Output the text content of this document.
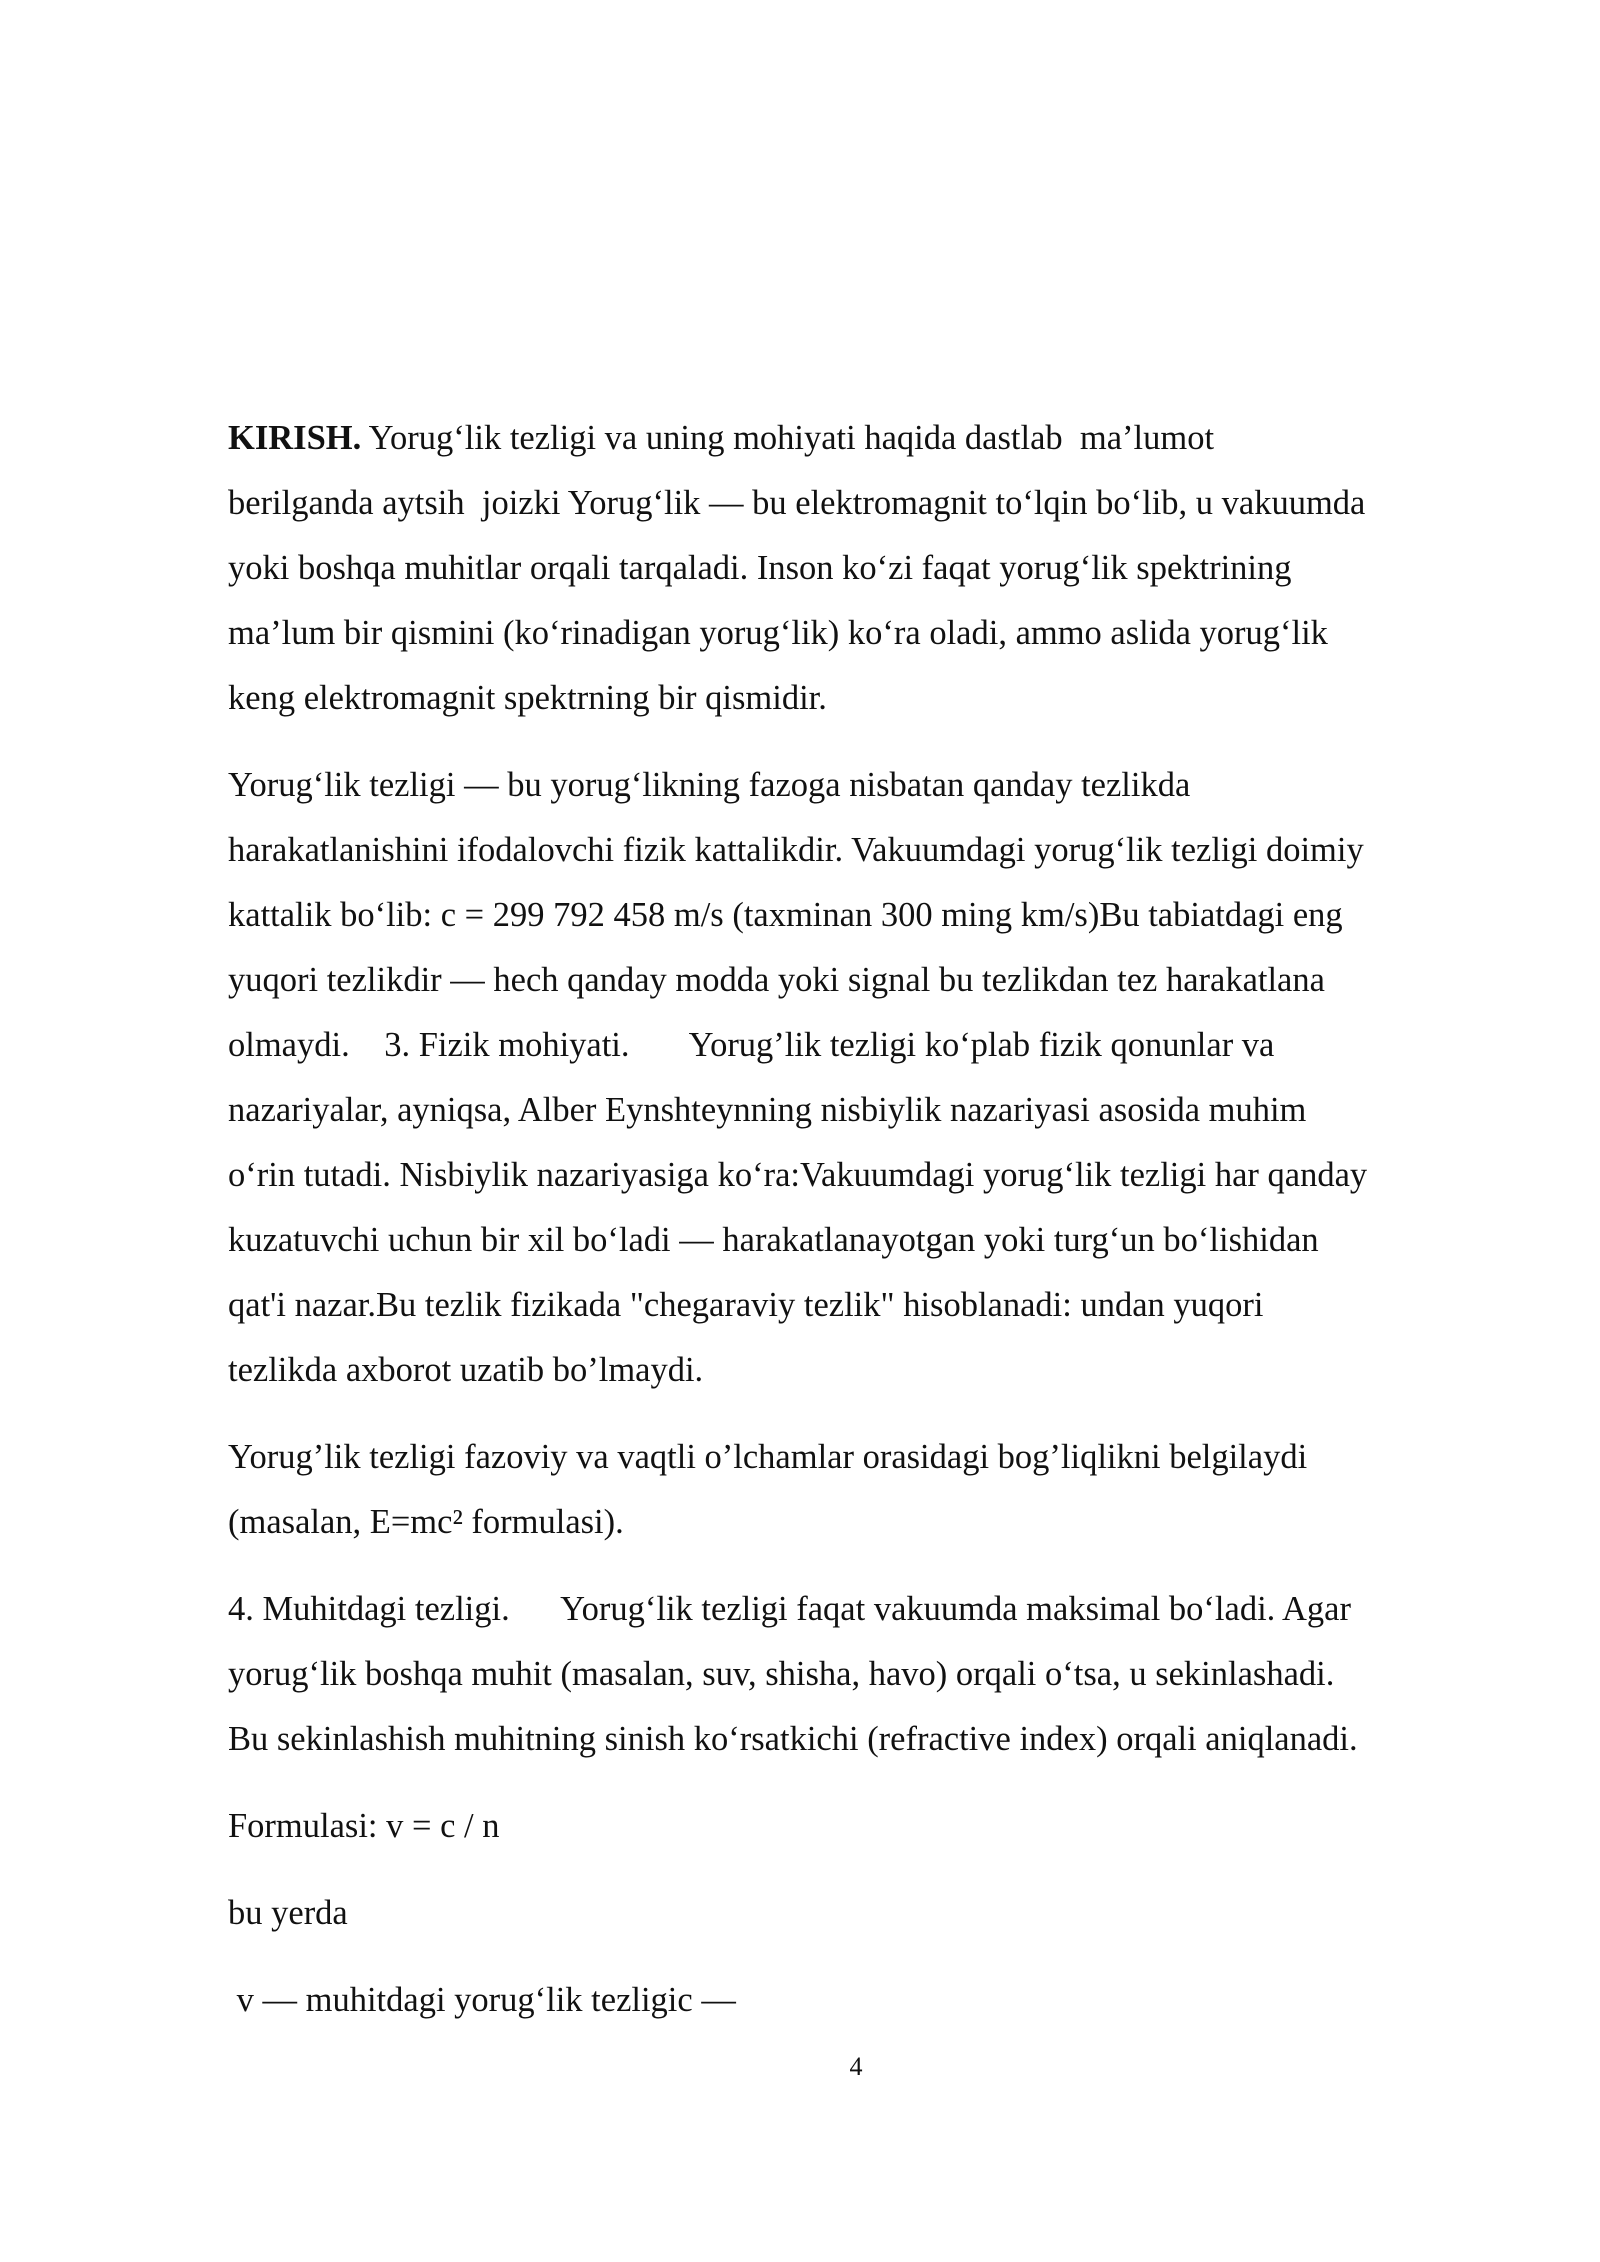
KIRISH. Yorug‘lik tezligi va uning mohiyati haqida dastlab  ma’lumot
berilganda aytsih  joizki Yorug‘lik — bu elektromagnit to‘lqin bo‘lib, u vakuumda
yoki boshqa muhitlar orqali tarqaladi. Inson ko‘zi faqat yorug‘lik spektrining
ma’lum bir qismini (ko‘rinadigan yorug‘lik) ko‘ra oladi, ammo aslida yorug‘lik
keng elektromagnit spektrning bir qismidir.
Yorug‘lik tezligi — bu yorug‘likning fazoga nisbatan qanday tezlikda
harakatlanishini ifodalovchi fizik kattalikdir. Vakuumdagi yorug‘lik tezligi doimiy
kattalik bo‘lib: c = 299 792 458 m/s (taxminan 300 ming km/s)Bu tabiatdagi eng
yuqori tezlikdir — hech qanday modda yoki signal bu tezlikdan tez harakatlana
olmaydi.    3. Fizik mohiyati.       Yorug’lik tezligi ko‘plab fizik qonunlar va
nazariyalar, ayniqsa, Alber Eynshteynning nisbiylik nazariyasi asosida muhim
o‘rin tutadi. Nisbiylik nazariyasiga ko‘ra:Vakuumdagi yorug‘lik tezligi har qanday
kuzatuvchi uchun bir xil bo‘ladi — harakatlanayotgan yoki turg‘un bo‘lishidan
qat'i nazar.Bu tezlik fizikada "chegaraviy tezlik" hisoblanadi: undan yuqori
tezlikda axborot uzatib bo’lmaydi.
Yorug’lik tezligi fazoviy va vaqtli o’lchamlar orasidagi bog’liqlikni belgilaydi
(masalan, E=mc² formulasi).
4. Muhitdagi tezligi.      Yorug‘lik tezligi faqat vakuumda maksimal bo‘ladi. Agar
yorug‘lik boshqa muhit (masalan, suv, shisha, havo) orqali o‘tsa, u sekinlashadi.
Bu sekinlashish muhitning sinish ko‘rsatkichi (refractive index) orqali aniqlanadi.
Formulasi: v = c / n
bu yerda
v — muhitdagi yorug‘lik tezligic —
4
